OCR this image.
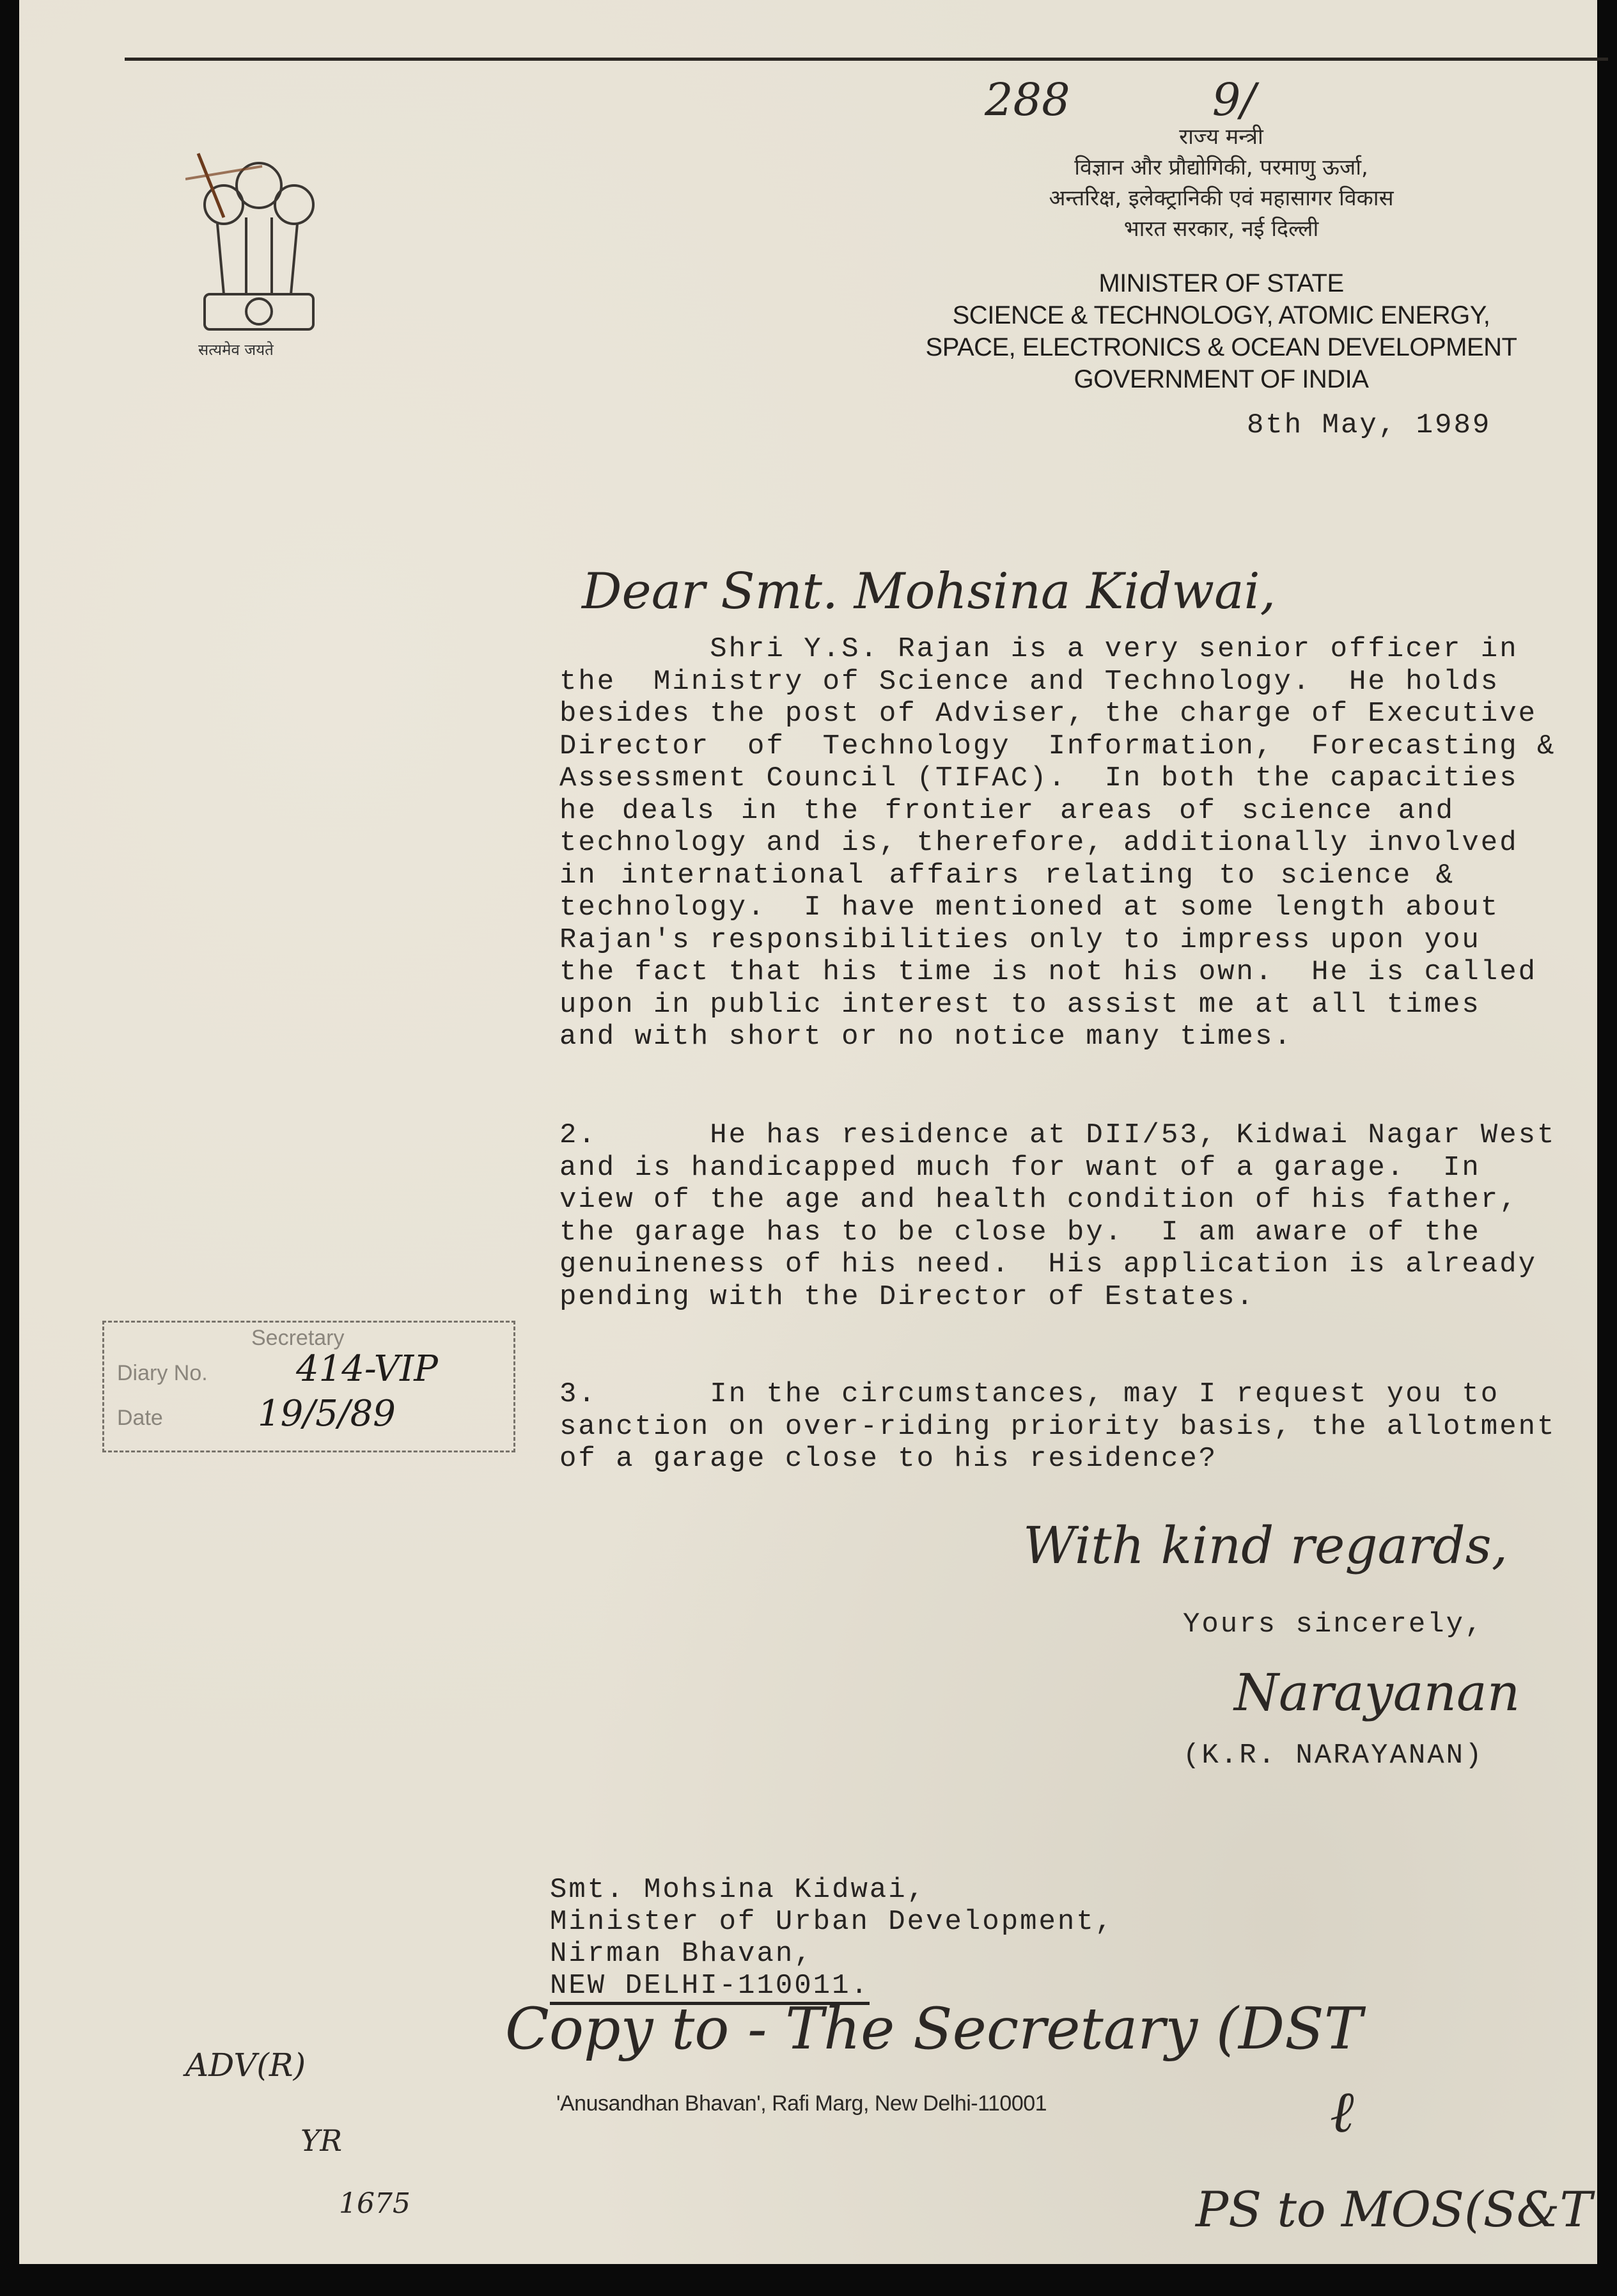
सत्यमेव जयते
288	9/
राज्य मन्त्री
विज्ञान और प्रौद्योगिकी, परमाणु ऊर्जा,
अन्तरिक्ष, इलेक्ट्रानिकी एवं महासागर विकास
भारत सरकार, नई दिल्ली
MINISTER OF STATE
SCIENCE & TECHNOLOGY, ATOMIC ENERGY,
SPACE, ELECTRONICS & OCEAN DEVELOPMENT
GOVERNMENT OF INDIA
8th May, 1989
Dear Smt. Mohsina Kidwai,
Shri Y.S. Rajan is a very senior officer in
the  Ministry of Science and Technology.  He holds
besides the post of Adviser, the charge of Executive
Director  of  Technology  Information,  Forecasting &
Assessment Council (TIFAC).  In both the capacities
he deals in the frontier areas of science and
technology and is, therefore, additionally involved
in international affairs relating to science &
technology.  I have mentioned at some length about
Rajan's responsibilities only to impress upon you
the fact that his time is not his own.  He is called
upon in public interest to assist me at all times
and with short or no notice many times.
2.      He has residence at DII/53, Kidwai Nagar West
and is handicapped much for want of a garage.  In
view of the age and health condition of his father,
the garage has to be close by.  I am aware of the
genuineness of his need.  His application is already
pending with the Director of Estates.
3.      In the circumstances, may I request you to
sanction on over-riding priority basis, the allotment
of a garage close to his residence?
With kind regards,
Yours sincerely,
Narayanan
(K.R. NARAYANAN)
Smt. Mohsina Kidwai,
Minister of Urban Development,
Nirman Bhavan,
NEW DELHI-110011.
Copy to - The Secretary (DST
'Anusandhan Bhavan', Rafi Marg, New Delhi-110001
Secretary
Diary No.
Date
414-VIP
19/5/89
ADV(R)
YR
1675
ℓ
PS to MOS(S&T
